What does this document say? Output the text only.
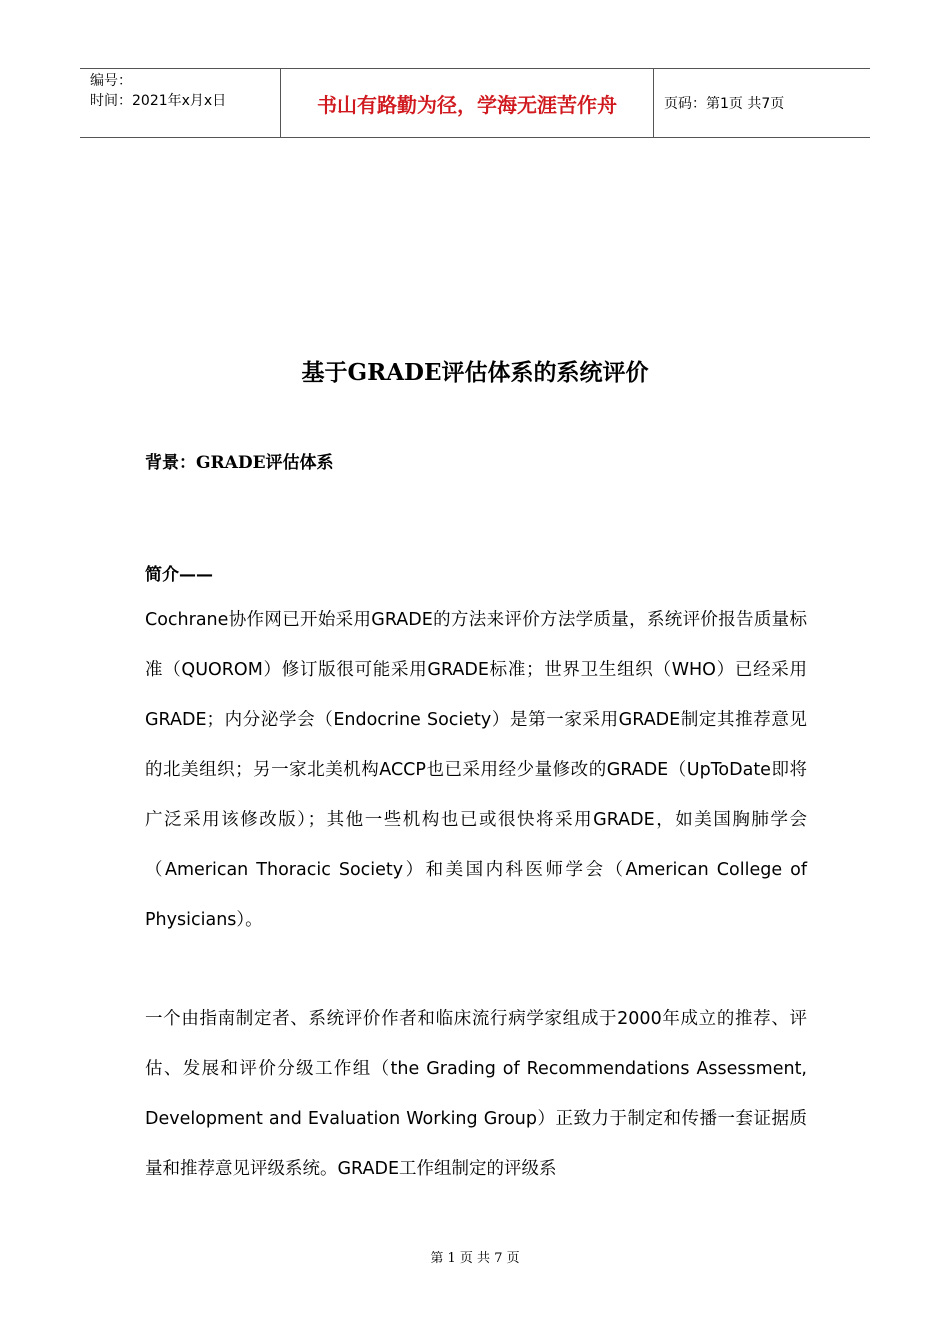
编号：
时间：2021年x月x日	书山有路勤为径，学海无涯苦作舟	页码：第1页 共7页
基于GRADE评估体系的系统评价
背景：GRADE评估体系
简介——

Cochrane协作网已开始采用GRADE的方法来评价方法学质量，系统评价报告质量标准（QUOROM）修订版很可能采用GRADE标准；世界卫生组织（WHO）已经采用GRADE；内分泌学会（Endocrine Society）是第一家采用GRADE制定其推荐意见的北美组织；另一家北美机构ACCP也已采用经少量修改的GRADE（UpToDate即将广泛采用该修改版）；其他一些机构也已或很快将采用GRADE，如美国胸肺学会（American Thoracic Society）和美国内科医师学会（American College of Physicians）。

一个由指南制定者、系统评价作者和临床流行病学家组成于2000年成立的推荐、评估、发展和评价分级工作组（the Grading of Recommendations Assessment, Development and Evaluation Working Group）正致力于制定和传播一套证据质量和推荐意见评级系统。GRADE工作组制定的评级系

第 1 页 共 7 页
